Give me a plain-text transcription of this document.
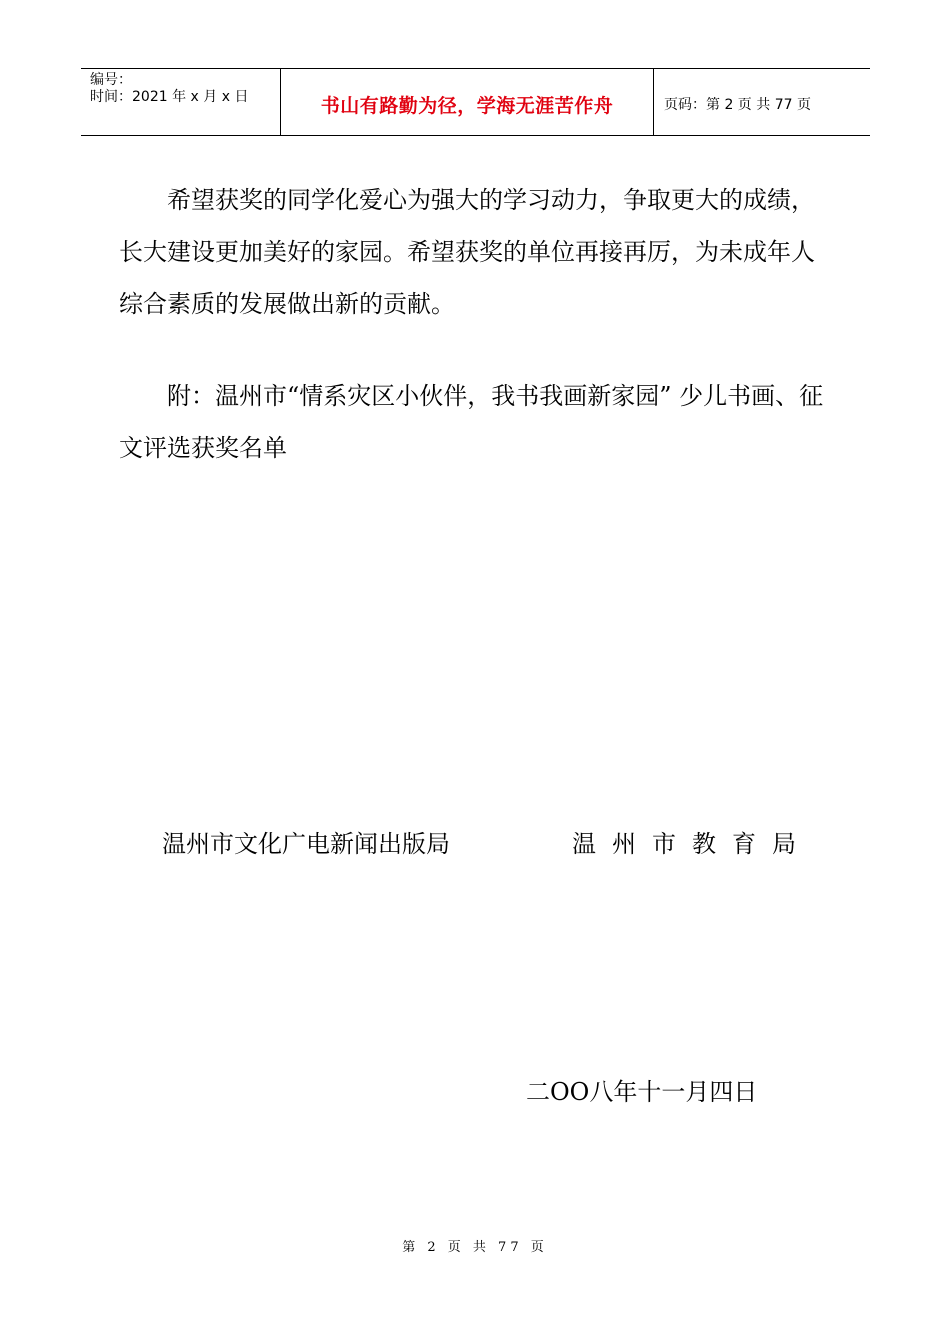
编号：
时间：2021 年 x 月 x 日	书山有路勤为径，学海无涯苦作舟	页码：第 2 页 共 77 页

希望获奖的同学化爱心为强大的学习动力，争取更大的成绩，长大建设更加美好的家园。希望获奖的单位再接再厉，为未成年人综合素质的发展做出新的贡献。

附：温州市“情系灾区小伙伴，我书我画新家园” 少儿书画、征文评选获奖名单

温州市文化广电新闻出版局	温州市教育局
二OO八年十一月四日
第 2 页 共 77 页
